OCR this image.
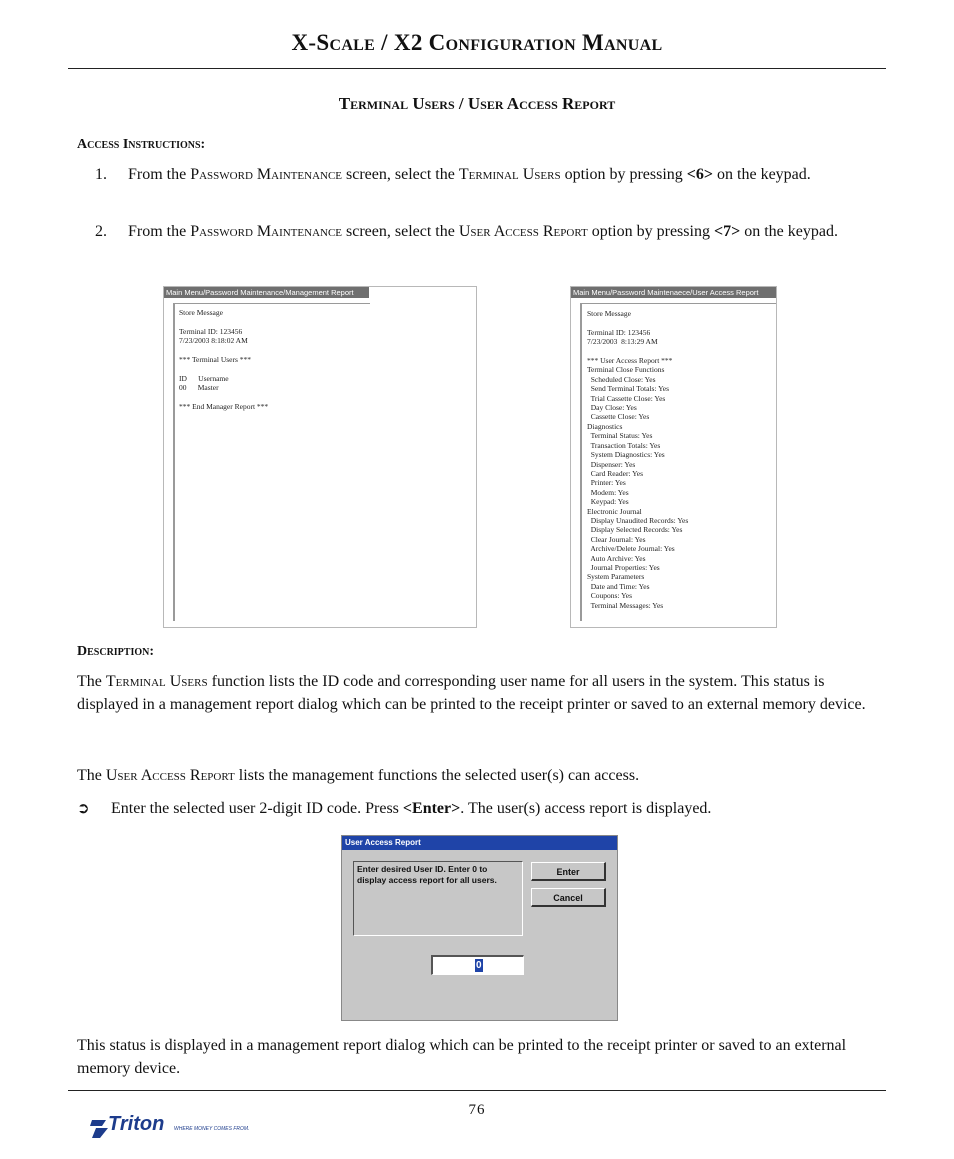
X-Scale / X2 Configuration Manual
Terminal Users / User Access Report
Access Instructions:
1. From the Password Maintenance screen, select the Terminal Users option by pressing <6> on the keypad.
2. From the Password Maintenance screen, select the User Access Report option by pressing <7> on the keypad.
Main Menu/Password Maintenance/Management Report
Store Message

Terminal ID: 123456
7/23/2003 8:18:02 AM

*** Terminal Users ***

ID      Username
00      Master

*** End Manager Report ***
Main Menu/Password Maintenaece/User Access Report
Store Message

Terminal ID: 123456
7/23/2003  8:13:29 AM

*** User Access Report ***
Terminal Close Functions
Scheduled Close: Yes
Send Terminal Totals: Yes
Trial Cassette Close: Yes
Day Close: Yes
Cassette Close: Yes
Diagnostics
Terminal Status: Yes
Transaction Totals: Yes
System Diagnostics: Yes
Dispenser: Yes
Card Reader: Yes
Printer: Yes
Modem: Yes
Keypad: Yes
Electronic Journal
Display Unaudited Records: Yes
Display Selected Records: Yes
Clear Journal: Yes
Archive/Delete Journal: Yes
Auto Archive: Yes
Journal Properties: Yes
System Parameters
Date and Time: Yes
Coupons: Yes
Terminal Messages: Yes
Description:
The Terminal Users function lists the ID code and corresponding user name for all users in the system. This status is displayed in a management report dialog which can be printed to the receipt printer or saved to an external memory device.
The User Access Report lists the management functions the selected user(s) can access.
➲ Enter the selected user 2-digit ID code. Press <Enter>. The user(s) access report is displayed.
User Access Report
Enter desired User ID. Enter 0 to display access report for all users.
Enter
Cancel
0
This status is displayed in a management report dialog which can be printed to the receipt printer or saved to an external memory device.
76
Triton WHERE MONEY COMES FROM.
